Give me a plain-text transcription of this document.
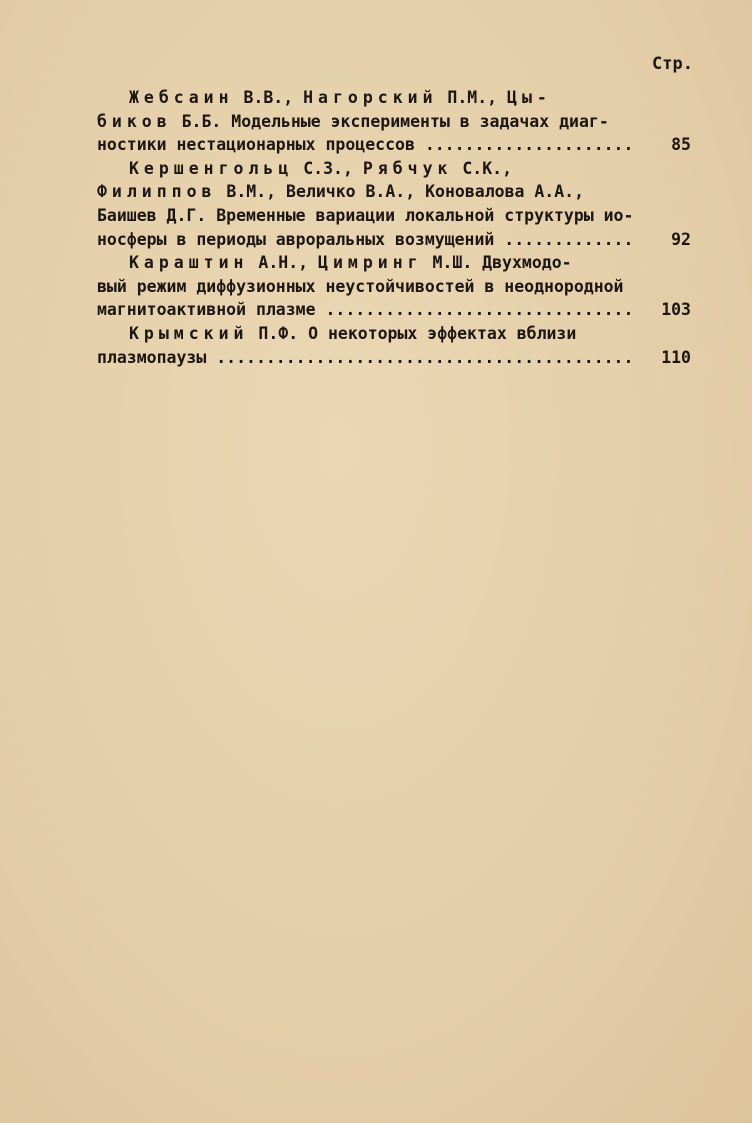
Стр.
Жебсаин В.В., Нагорский П.М., Цы-
биков Б.Б. Модельные эксперименты в задачах диаг-
ностики нестационарных процессов ..................... 85
Кершенгольц С.З., Рябчук С.К.,
Филиппов В.М., Величко В.А., Коновалова А.А.,
Баишев Д.Г. Временные вариации локальной структуры ио-
носферы в периоды авроральных возмущений ............. 92
Караштин А.Н., Цимринг М.Ш. Двухмодо-
вый режим диффузионных неустойчивостей в неоднородной
магнитоактивной плазме ............................... 103
Крымский П.Ф. О некоторых эффектах вблизи
плазмопаузы .......................................... 110
